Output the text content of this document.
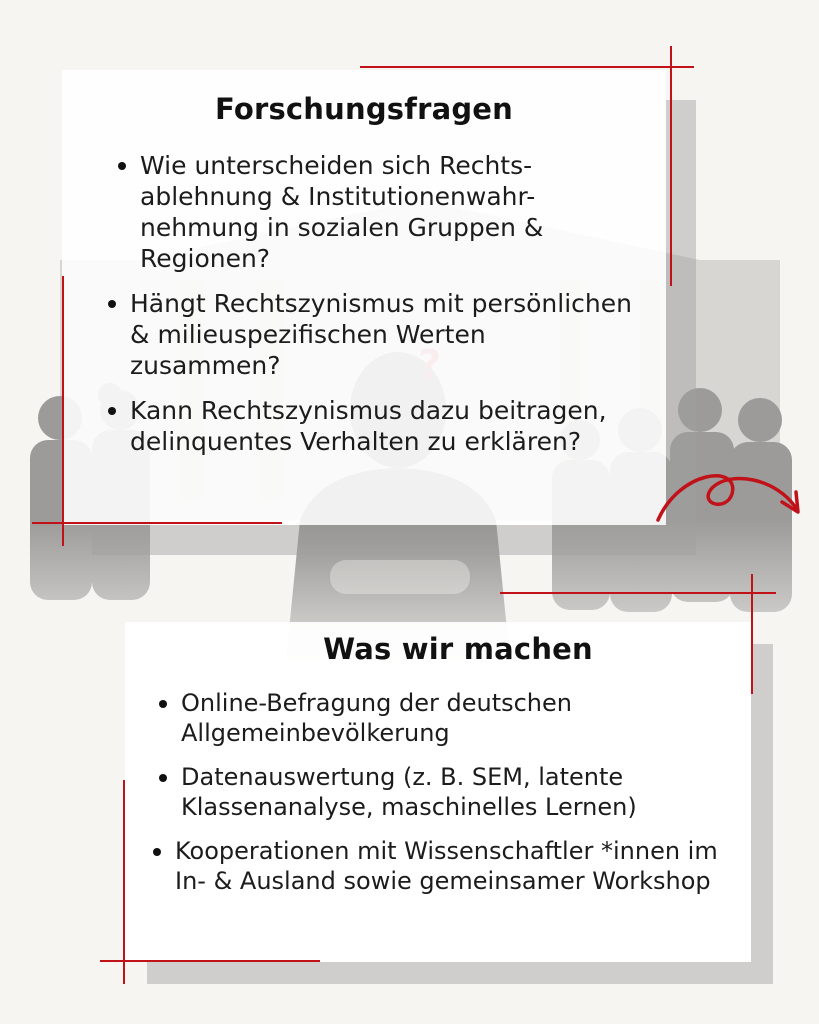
Forschungsfragen
Wie unterscheiden sich Rechts-ablehnung & Institutionenwahr-nehmung in sozialen Gruppen & Regionen?
Hängt Rechtszynismus mit persönlichen & milieuspezifischen Werten zusammen?
Kann Rechtszynismus dazu beitragen, delinquentes Verhalten zu erklären?
Was wir machen
Online-Befragung der deutschen Allgemeinbevölkerung
Datenauswertung (z. B. SEM, latente Klassenanalyse, maschinelles Lernen)
Kooperationen mit Wissenschaftler *innen im In- & Ausland sowie gemeinsamer Workshop
